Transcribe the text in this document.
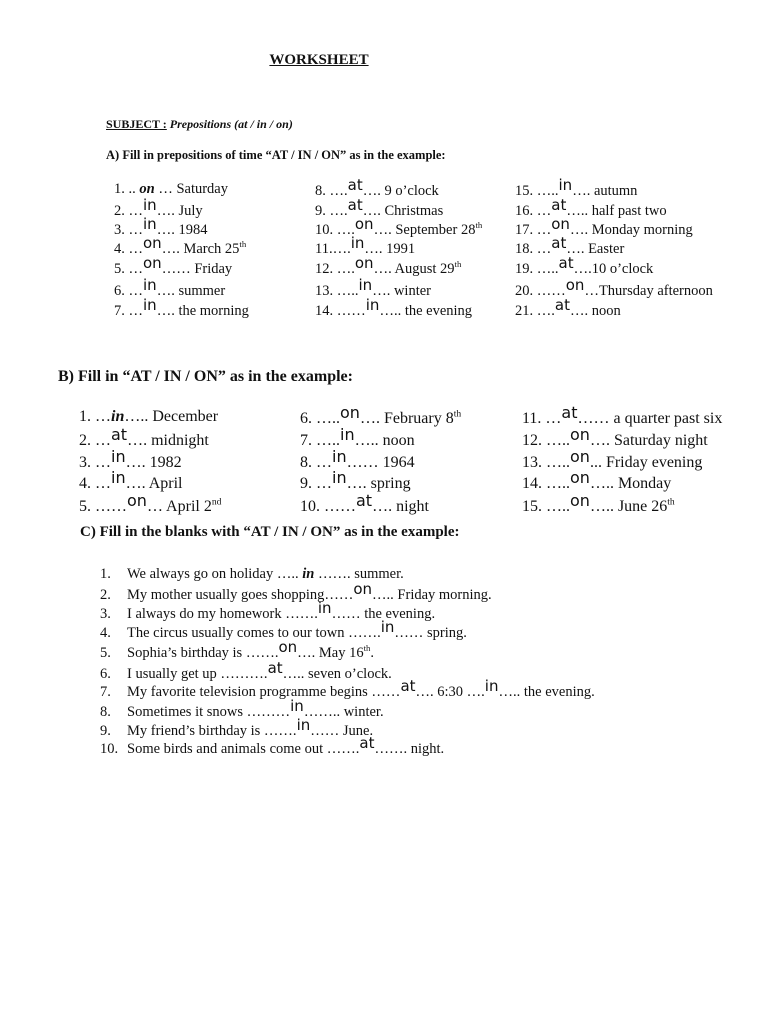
WORKSHEET
SUBJECT : Prepositions (at / in / on)
A) Fill in prepositions of time “AT / IN / ON” as in the example:
1. .. on … Saturday
2. …in…. July
3. …in…. 1984
4. …on…. March 25th
5. …on…… Friday
6. …in…. summer
7. …in…. the morning
8. ….at…. 9 o’clock
9. ….at…. Christmas
10. ….on…. September 28th
11.….in…. 1991
12. ….on…. August 29th
13. …..in…. winter
14. ……in….. the evening
15. …..in…. autumn
16. …at….. half past two
17. …on…. Monday morning
18. …at…. Easter
19. …..at….10 o’clock
20. ……on…Thursday afternoon
21. ….at…. noon
B) Fill in “AT / IN / ON” as in the example:
1. …in….. December
2. …at…. midnight
3. …in…. 1982
4. …in…. April
5. ……on… April 2nd
6. …..on…. February 8th
7. …..in….. noon
8. …in…… 1964
9. …in…. spring
10. ……at…. night
11. …at…… a quarter past six
12. …..on…. Saturday night
13. …..on... Friday evening
14. …..on….. Monday
15. …..on….. June 26th
C) Fill in the blanks with “AT / IN / ON” as in the example:
1. We always go on holiday ….. in ……. summer.
2. My mother usually goes shopping……on….. Friday morning.
3. I always do my homework …….in…… the evening.
4. The circus usually comes to our town …….in…… spring.
5. Sophia’s birthday is …….on…. May 16th.
6. I usually get up ……….at….. seven o’clock.
7. My favorite television programme begins ……at…. 6:30 ….in….. the evening.
8. Sometimes it snows ………in…….. winter.
9. My friend’s birthday is …….in…… June.
10. Some birds and animals come out …….at……. night.
